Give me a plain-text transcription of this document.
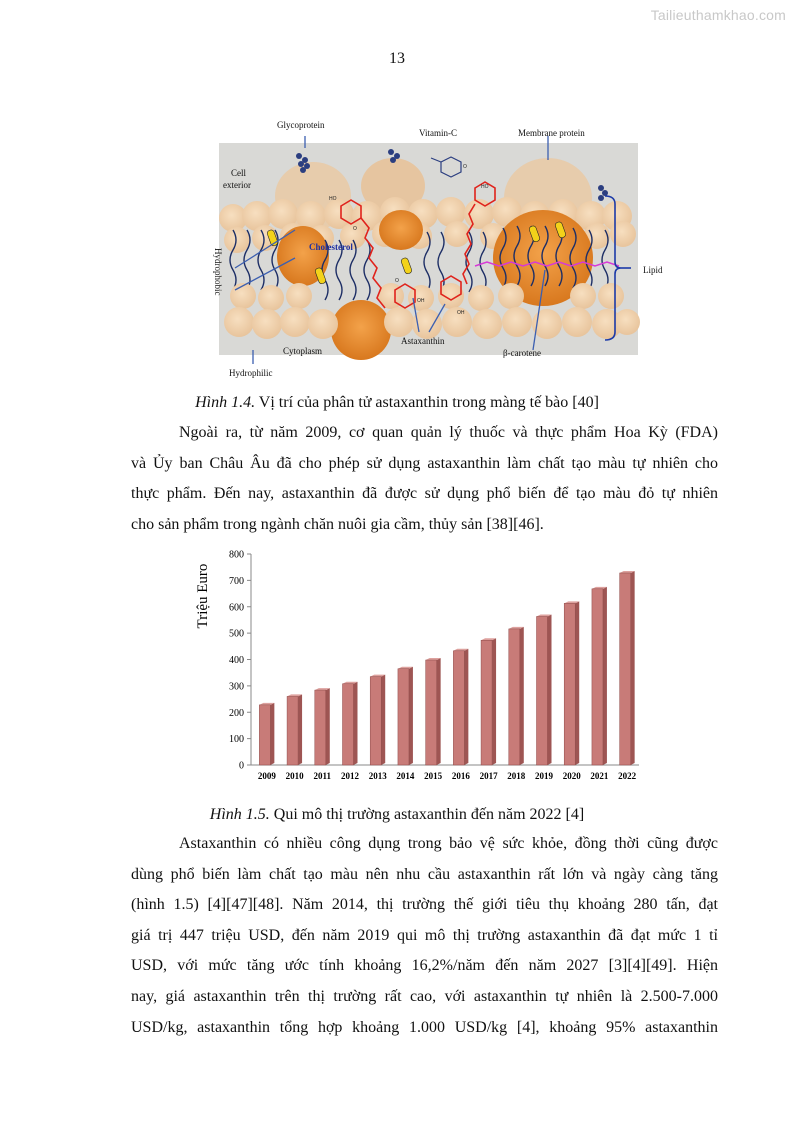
Tailieuthamkhao.com
13
Glycoprotein
Vitamin-C	Membrane protein
Cell
exterior
Cholesterol
Lipid
Cytoplasm
Astaxanthin
β-carotene
Hydrophilic
Hydrophobic
HO
HO
OH
OH
O
O
O
Hình 1.4. Vị trí của phân tử astaxanthin trong màng tế bào [40]
Ngoài ra, từ năm 2009, cơ quan quản lý thuốc và thực phẩm Hoa Kỳ (FDA)
và Ủy ban Châu Âu đã cho phép sử dụng astaxanthin làm chất tạo màu tự nhiên cho
thực phẩm. Đến nay, astaxanthin đã được sử dụng phổ biến để tạo màu đỏ tự nhiên
cho sản phẩm trong ngành chăn nuôi gia cầm, thủy sản [38][46].
Triệu Euro
0
100
200
300
400
500
600
700
800
2009 2010 2011 2012 2013 2014 2015 2016 2017 2018 2019 2020 2021 2022
Hình 1.5. Qui mô thị trường astaxanthin đến năm 2022 [4]
Astaxanthin có nhiều công dụng trong bảo vệ sức khỏe, đồng thời cũng được
dùng phổ biến làm chất tạo màu nên nhu cầu astaxanthin rất lớn và ngày càng tăng
(hình 1.5) [4][47][48]. Năm 2014, thị trường thế giới tiêu thụ khoảng 280 tấn, đạt
giá trị 447 triệu USD, đến năm 2019 qui mô thị trường astaxanthin đã đạt mức 1 tỉ
USD, với mức tăng ước tính khoảng 16,2%/năm đến năm 2027 [3][4][49]. Hiện
nay, giá astaxanthin trên thị trường rất cao, với astaxanthin tự nhiên là 2.500-7.000
USD/kg, astaxanthin tổng hợp khoảng 1.000 USD/kg [4], khoảng 95% astaxanthin
